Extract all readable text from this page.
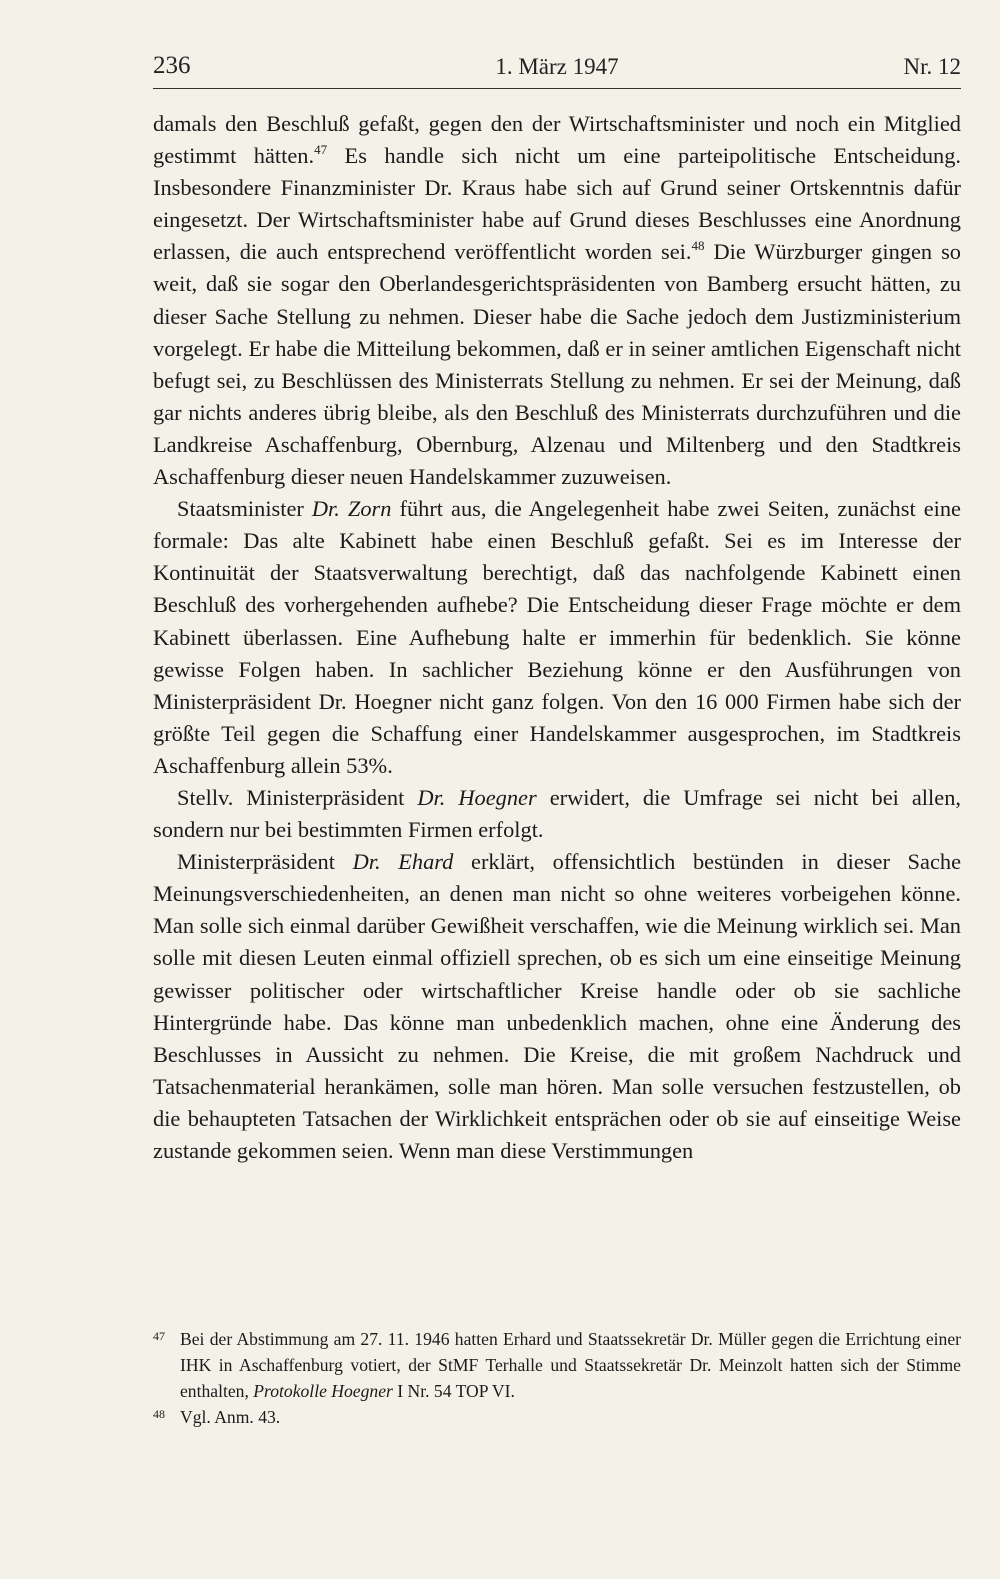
236	1. März 1947	Nr. 12

damals den Beschluß gefaßt, gegen den der Wirtschaftsminister und noch ein Mitglied gestimmt hätten.$^{47}$ Es handle sich nicht um eine parteipolitische Entscheidung. Insbesondere Finanzminister Dr. Kraus habe sich auf Grund seiner Ortskenntnis dafür eingesetzt. Der Wirtschaftsminister habe auf Grund dieses Beschlusses eine Anordnung erlassen, die auch entsprechend veröffentlicht worden sei.$^{48}$ Die Würzburger gingen so weit, daß sie sogar den Oberlandesgerichtspräsidenten von Bamberg ersucht hätten, zu dieser Sache Stellung zu nehmen. Dieser habe die Sache jedoch dem Justizministerium vorgelegt. Er habe die Mitteilung bekommen, daß er in seiner amtlichen Eigenschaft nicht befugt sei, zu Beschlüssen des Ministerrats Stellung zu nehmen. Er sei der Meinung, daß gar nichts anderes übrig bleibe, als den Beschluß des Ministerrats durchzuführen und die Landkreise Aschaffenburg, Obernburg, Alzenau und Miltenberg und den Stadtkreis Aschaffenburg dieser neuen Handelskammer zuzuweisen.

Staatsminister Dr. Zorn führt aus, die Angelegenheit habe zwei Seiten, zunächst eine formale: Das alte Kabinett habe einen Beschluß gefaßt. Sei es im Interesse der Kontinuität der Staatsverwaltung berechtigt, daß das nachfolgende Kabinett einen Beschluß des vorhergehenden aufhebe? Die Entscheidung dieser Frage möchte er dem Kabinett überlassen. Eine Aufhebung halte er immerhin für bedenklich. Sie könne gewisse Folgen haben. In sachlicher Beziehung könne er den Ausführungen von Ministerpräsident Dr. Hoegner nicht ganz folgen. Von den 16 000 Firmen habe sich der größte Teil gegen die Schaffung einer Handelskammer ausgesprochen, im Stadtkreis Aschaffenburg allein 53%.

Stellv. Ministerpräsident Dr. Hoegner erwidert, die Umfrage sei nicht bei allen, sondern nur bei bestimmten Firmen erfolgt.

Ministerpräsident Dr. Ehard erklärt, offensichtlich bestünden in dieser Sache Meinungsverschiedenheiten, an denen man nicht so ohne weiteres vorbeigehen könne. Man solle sich einmal darüber Gewißheit verschaffen, wie die Meinung wirklich sei. Man solle mit diesen Leuten einmal offiziell sprechen, ob es sich um eine einseitige Meinung gewisser politischer oder wirtschaftlicher Kreise handle oder ob sie sachliche Hintergründe habe. Das könne man unbedenklich machen, ohne eine Änderung des Beschlusses in Aussicht zu nehmen. Die Kreise, die mit großem Nachdruck und Tatsachenmaterial herankämen, solle man hören. Man solle versuchen festzustellen, ob die behaupteten Tatsachen der Wirklichkeit entsprächen oder ob sie auf einseitige Weise zustande gekommen seien. Wenn man diese Verstimmungen

47 Bei der Abstimmung am 27. 11. 1946 hatten Erhard und Staatssekretär Dr. Müller gegen die Errichtung einer IHK in Aschaffenburg votiert, der StMF Terhalle und Staatssekretär Dr. Meinzolt hatten sich der Stimme enthalten, Protokolle Hoegner I Nr. 54 TOP VI.

48 Vgl. Anm. 43.
